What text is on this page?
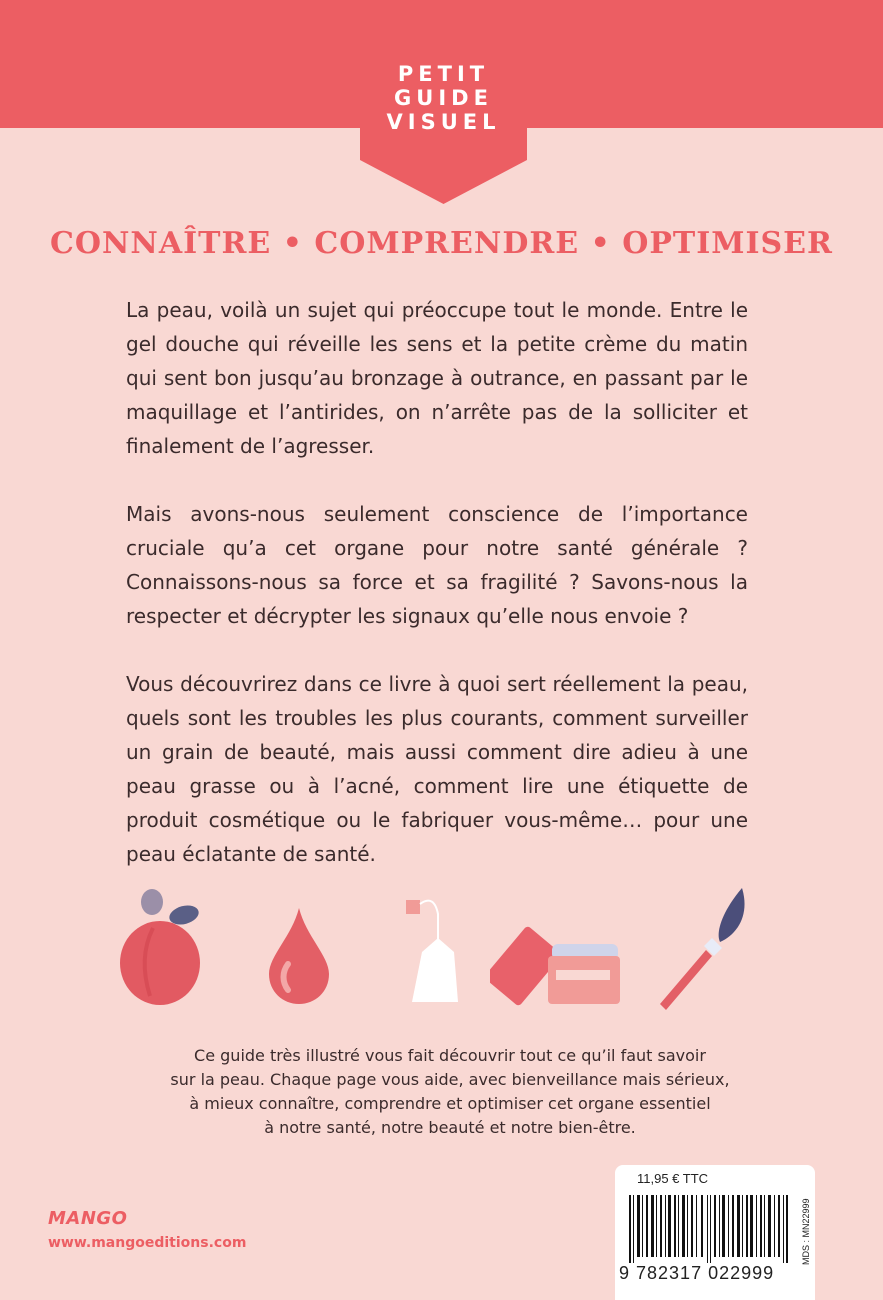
PETIT
GUIDE
VISUEL
CONNAÎTRE • COMPRENDRE • OPTIMISER

La peau, voilà un sujet qui préoccupe tout le monde. Entre le gel douche qui réveille les sens et la petite crème du matin qui sent bon jusqu’au bronzage à outrance, en passant par le maquillage et l’antirides, on n’arrête pas de la solliciter et finalement de l’agresser.

Mais avons-nous seulement conscience de l’importance cruciale qu’a cet organe pour notre santé générale ? Connaissons-nous sa force et sa fragilité ? Savons-nous la respecter et décrypter les signaux qu’elle nous envoie ?

Vous découvrirez dans ce livre à quoi sert réellement la peau, quels sont les troubles les plus courants, comment surveiller un grain de beauté, mais aussi comment dire adieu à une peau grasse ou à l’acné, comment lire une étiquette de produit cosmétique ou le fabriquer vous-même… pour une peau éclatante de santé.

Ce guide très illustré vous fait découvrir tout ce qu’il faut savoir
sur la peau. Chaque page vous aide, avec bienveillance mais sérieux,
à mieux connaître, comprendre et optimiser cet organe essentiel
à notre santé, notre beauté et notre bien-être.
MANGO
www.mangoeditions.com
11,95 € TTC
9 782317 022999
MDS : MN22999
